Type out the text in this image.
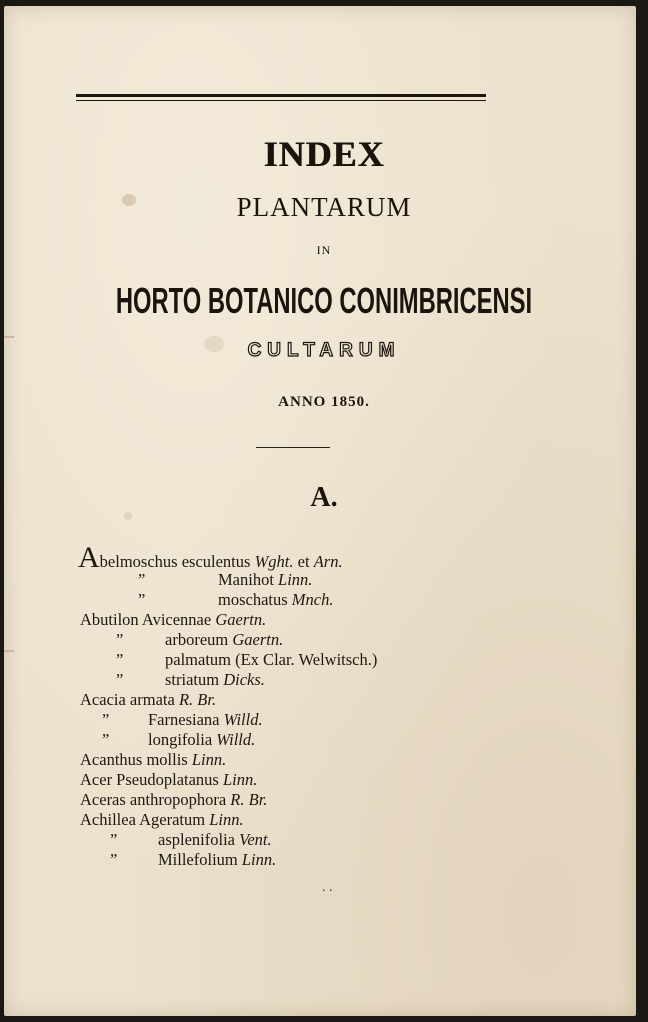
INDEX
PLANTARUM
IN
HORTO BOTANICO CONIMBRICENSI
CULTARUM
ANNO 1850.
A.
Abelmoschus esculentus Wght. et Arn.
”	Manihot Linn.
”	moschatus Mnch.
Abutilon Avicennae Gaertn.
”	arboreum Gaertn.
”	palmatum (Ex Clar. Welwitsch.)
”	striatum Dicks.
Acacia armata R. Br.
” Farnesiana Willd.
” longifolia Willd.
Acanthus mollis Linn.
Acer Pseudoplatanus Linn.
Aceras anthropophora R. Br.
Achillea Ageratum Linn.
” asplenifolia Vent.
” Millefolium Linn.
. .
